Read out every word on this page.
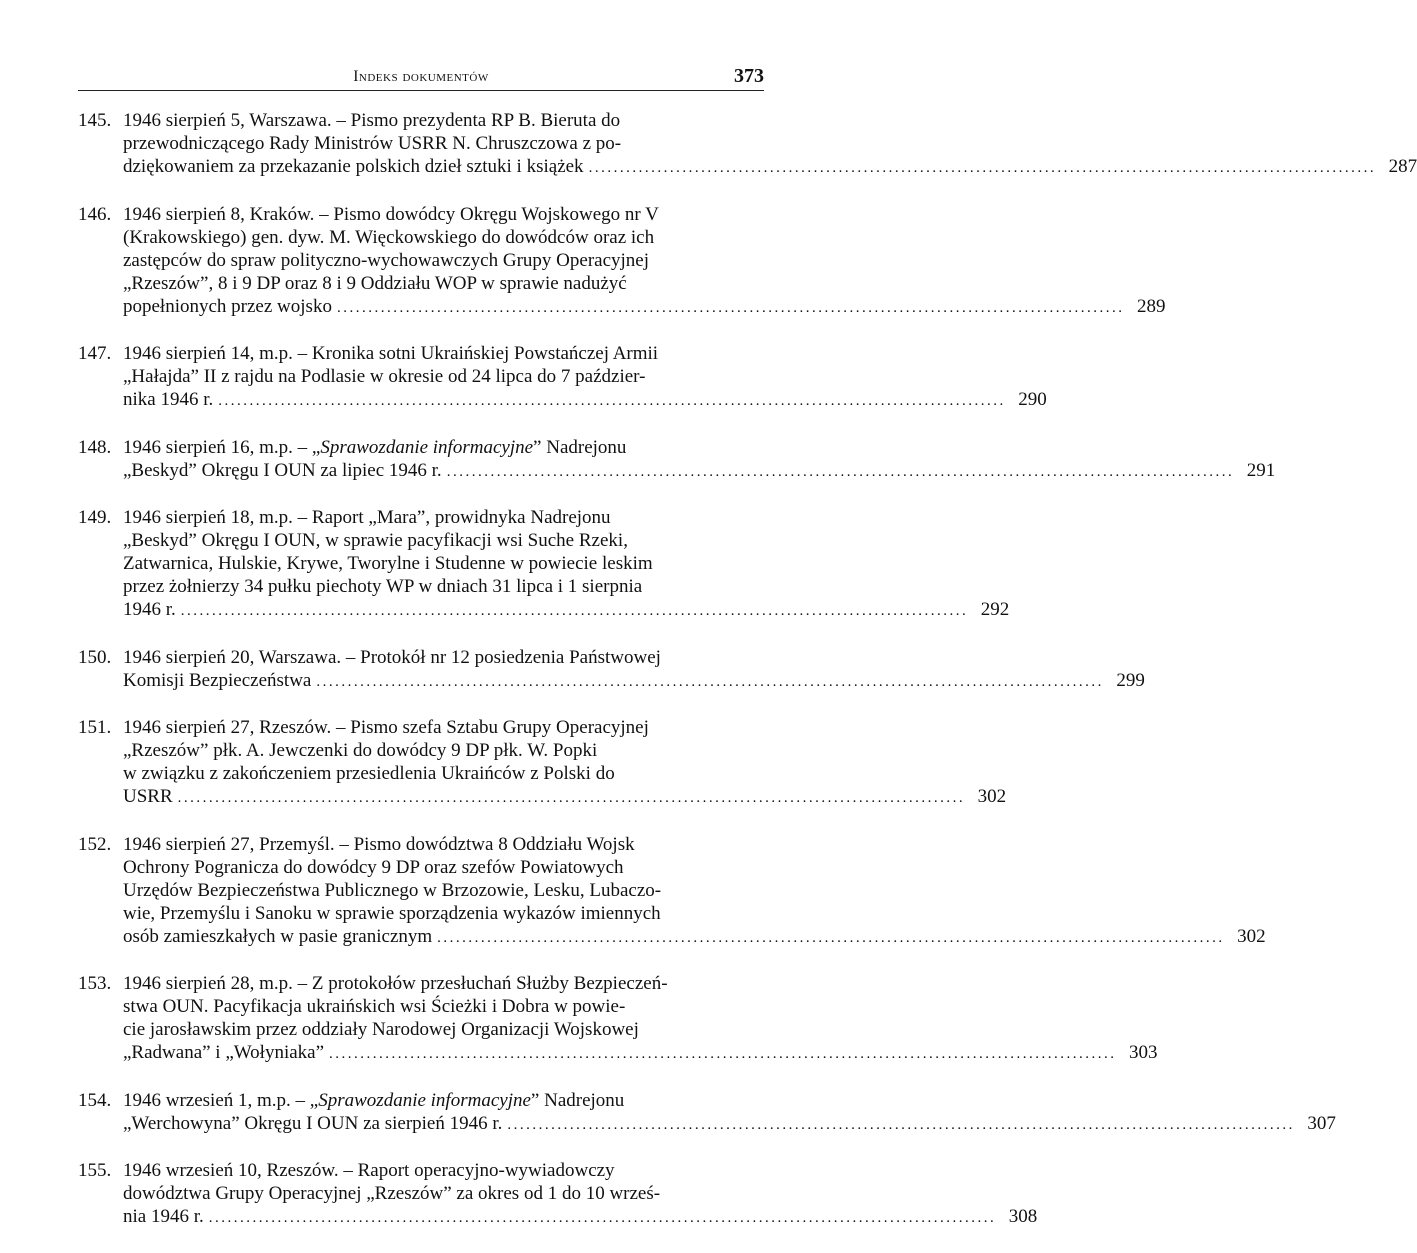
Indeks dokumentów	373
145. 1946 sierpień 5, Warszawa. – Pismo prezydenta RP B. Bieruta do
przewodniczącego Rady Ministrów USRR N. Chruszczowa z po-
dziękowaniem za przekazanie polskich dzieł sztuki i książek .....	287
146. 1946 sierpień 8, Kraków. – Pismo dowódcy Okręgu Wojskowego nr V
(Krakowskiego) gen. dyw. M. Więckowskiego do dowódców oraz ich
zastępców do spraw polityczno-wychowawczych Grupy Operacyjnej
„Rzeszów”, 8 i 9 DP oraz 8 i 9 Oddziału WOP w sprawie nadużyć
popełnionych przez wojsko .....	289
147. 1946 sierpień 14, m.p. – Kronika sotni Ukraińskiej Powstańczej Armii
„Hałajda” II z rajdu na Podlasie w okresie od 24 lipca do 7 paździer-
nika 1946 r. .....	290
148. 1946 sierpień 16, m.p. – „Sprawozdanie informacyjne” Nadrejonu
„Beskyd” Okręgu I OUN za lipiec 1946 r. .....	291
149. 1946 sierpień 18, m.p. – Raport „Mara”, prowidnyka Nadrejonu
„Beskyd” Okręgu I OUN, w sprawie pacyfikacji wsi Suche Rzeki,
Zatwarnica, Hulskie, Krywe, Tworylne i Studenne w powiecie leskim
przez żołnierzy 34 pułku piechoty WP w dniach 31 lipca i 1 sierpnia
1946 r. .....	292
150. 1946 sierpień 20, Warszawa. – Protokół nr 12 posiedzenia Państwowej
Komisji Bezpieczeństwa .....	299
151. 1946 sierpień 27, Rzeszów. – Pismo szefa Sztabu Grupy Operacyjnej
„Rzeszów” płk. A. Jewczenki do dowódcy 9 DP płk. W. Popki
w związku z zakończeniem przesiedlenia Ukraińców z Polski do
USRR .....	302
152. 1946 sierpień 27, Przemyśl. – Pismo dowództwa 8 Oddziału Wojsk
Ochrony Pogranicza do dowódcy 9 DP oraz szefów Powiatowych
Urzędów Bezpieczeństwa Publicznego w Brzozowie, Lesku, Lubaczo-
wie, Przemyślu i Sanoku w sprawie sporządzenia wykazów imiennych
osób zamieszkałych w pasie granicznym .....	302
153. 1946 sierpień 28, m.p. – Z protokołów przesłuchań Służby Bezpieczeń-
stwa OUN. Pacyfikacja ukraińskich wsi Ścieżki i Dobra w powie-
cie jarosławskim przez oddziały Narodowej Organizacji Wojskowej
„Radwana” i „Wołyniaka” .....	303
154. 1946 wrzesień 1, m.p. – „Sprawozdanie informacyjne” Nadrejonu
„Werchowyna” Okręgu I OUN za sierpień 1946 r. .....	307
155. 1946 wrzesień 10, Rzeszów. – Raport operacyjno-wywiadowczy
dowództwa Grupy Operacyjnej „Rzeszów” za okres od 1 do 10 wrześ-
nia 1946 r. .....	308
